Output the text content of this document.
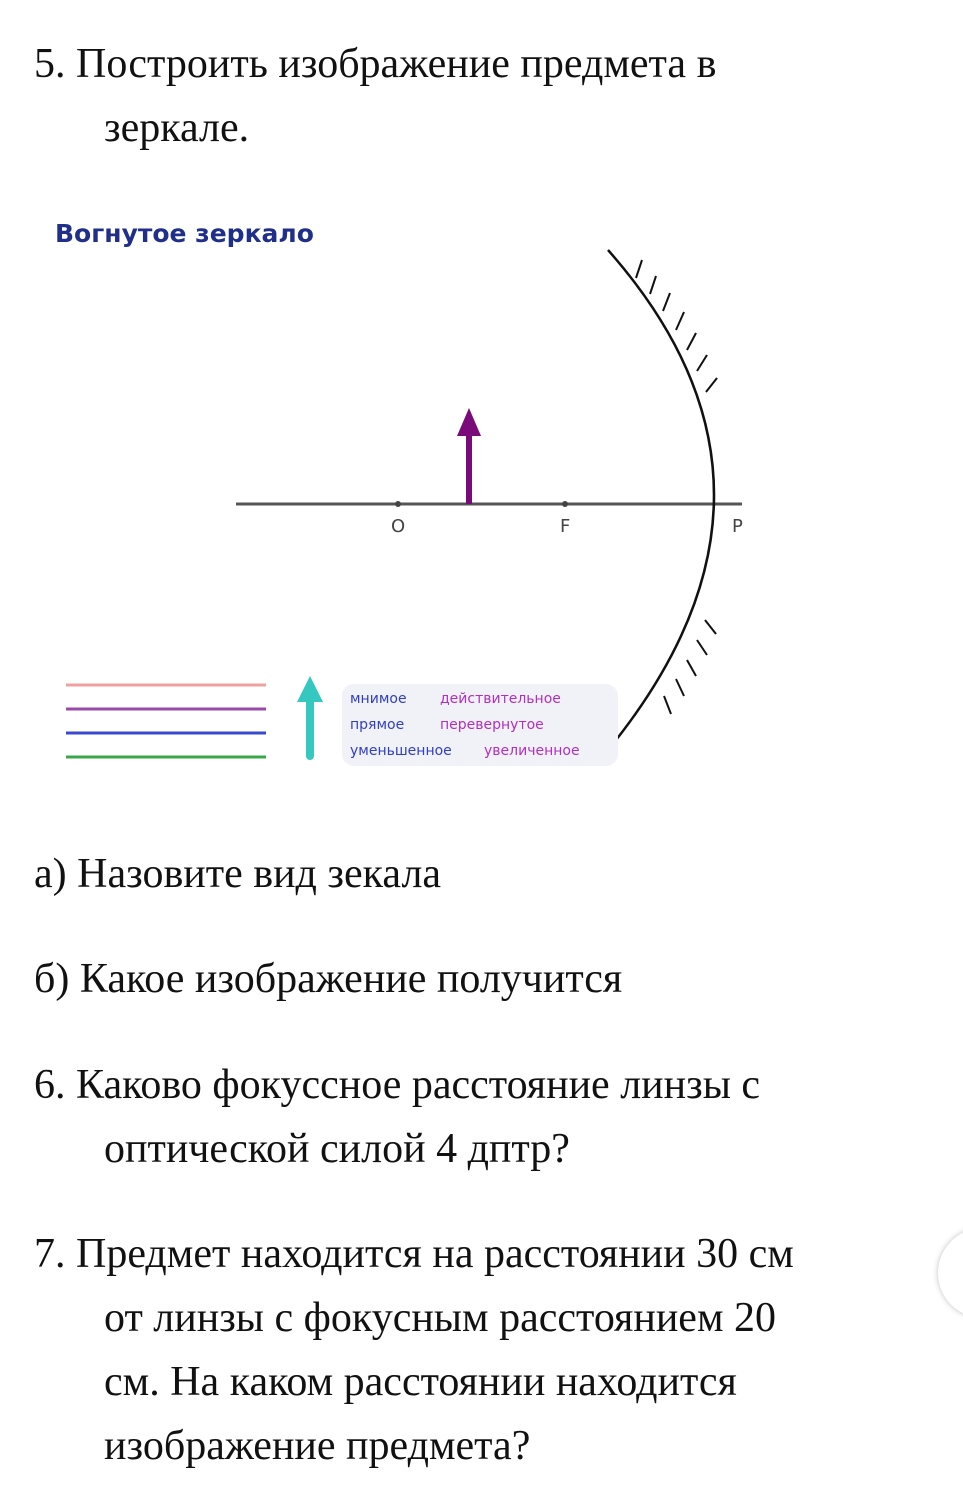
5. Построить изображение предмета в
зеркале.

Вогнутое зеркало
O	F	P
мнимое действительное
прямое	перевернутое
уменьшенное увеличенное

а) Назовите вид зекала

б) Какое изображение получится

6. Каково фокуссное расстояние линзы с
оптической силой 4 дптр?

7. Предмет находится на расстоянии 30 см
от линзы с фокусным расстоянием 20
см. На каком расстоянии находится
изображение предмета?
